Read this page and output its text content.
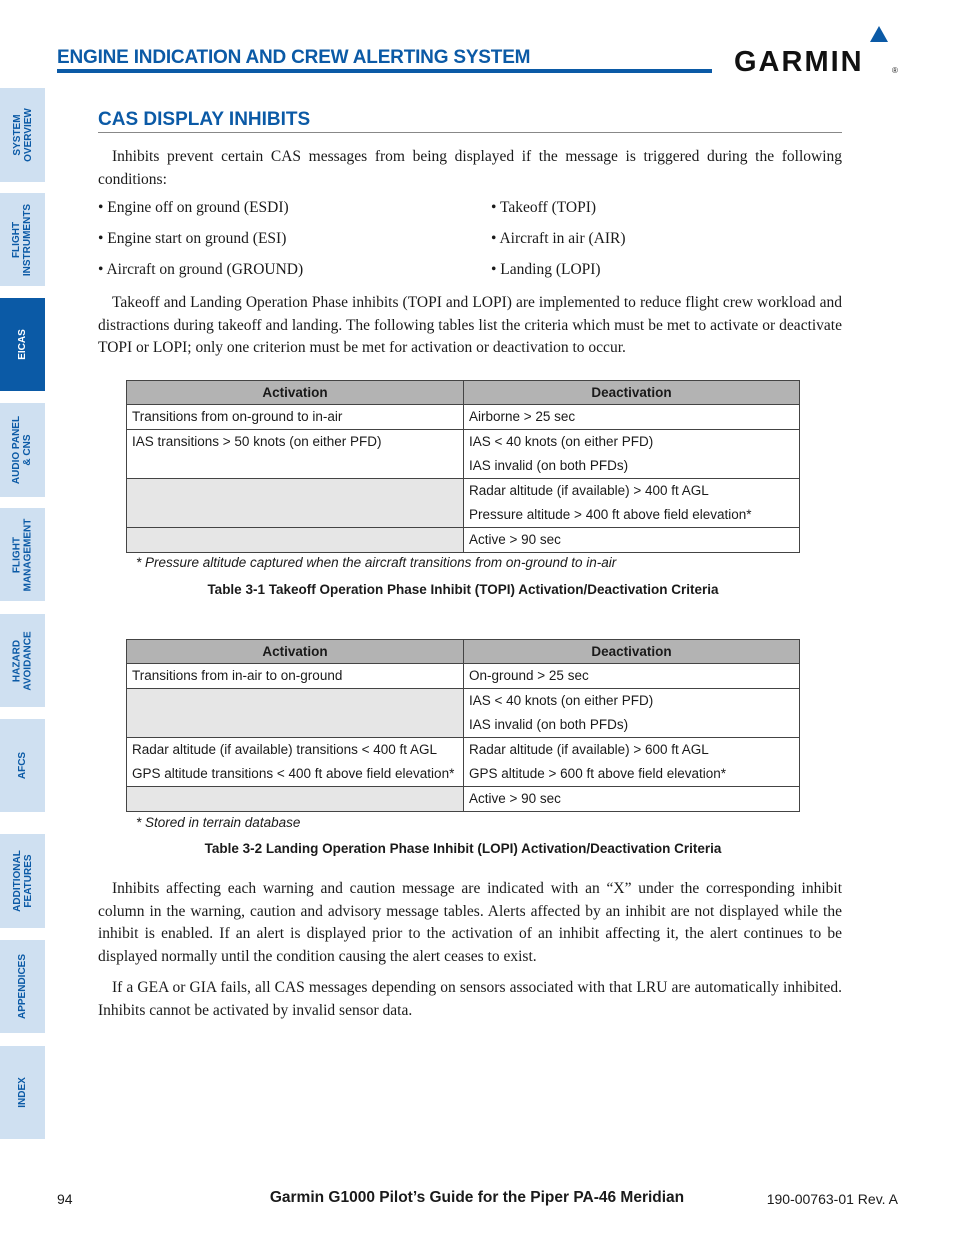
ENGINE INDICATION AND CREW ALERTING SYSTEM	GARMIN	®
SYSTEM
OVERVIEW
FLIGHT
INSTRUMENTS
EICAS
AUDIO PANEL
& CNS
FLIGHT
MANAGEMENT
HAZARD
AVOIDANCE
AFCS
ADDITIONAL
FEATURES
APPENDICES
INDEX
CAS DISPLAY INHIBITS
Inhibits prevent certain CAS messages from being displayed if the message is triggered during the following conditions:
• Engine off on ground (ESDI)
• Engine start on ground (ESI)
• Aircraft on ground (GROUND)
• Takeoff (TOPI)
• Aircraft in air (AIR)
• Landing (LOPI)
Takeoff and Landing Operation Phase inhibits (TOPI and LOPI) are implemented to reduce flight crew workload and distractions during takeoff and landing. The following tables list the criteria which must be met to activate or deactivate TOPI or LOPI; only one criterion must be met for activation or deactivation to occur.
Activation	Deactivation

Transitions from on-ground to in-air	Airborne > 25 sec

IAS transitions > 50 knots (on either PFD)	IAS < 40 knots (on either PFD)
IAS invalid (on both PFDs)

	Radar altitude (if available) > 400 ft AGL
Pressure altitude > 400 ft above field elevation*

	Active > 90 sec
* Pressure altitude captured when the aircraft transitions from on-ground to in-air
Table 3-1 Takeoff Operation Phase Inhibit (TOPI) Activation/Deactivation Criteria
Activation	Deactivation

Transitions from in-air to on-ground	On-ground > 25 sec

	IAS < 40 knots (on either PFD)
IAS invalid (on both PFDs)

Radar altitude (if available) transitions < 400 ft AGL
GPS altitude transitions < 400 ft above field elevation*	Radar altitude (if available) > 600 ft AGL
GPS altitude > 600 ft above field elevation*

	Active > 90 sec
* Stored in terrain database
Table 3-2 Landing Operation Phase Inhibit (LOPI) Activation/Deactivation Criteria
Inhibits affecting each warning and caution message are indicated with an “X” under the corresponding inhibit column in the warning, caution and advisory message tables. Alerts affected by an inhibit are not displayed while the inhibit is enabled. If an alert is displayed prior to the activation of an inhibit affecting it, the alert continues to be displayed normally until the condition causing the alert ceases to exist.
If a GEA or GIA fails, all CAS messages depending on sensors associated with that LRU are automatically inhibited. Inhibits cannot be activated by invalid sensor data.
94	Garmin G1000 Pilot’s Guide for the Piper PA-46 Meridian	190-00763-01 Rev. A
